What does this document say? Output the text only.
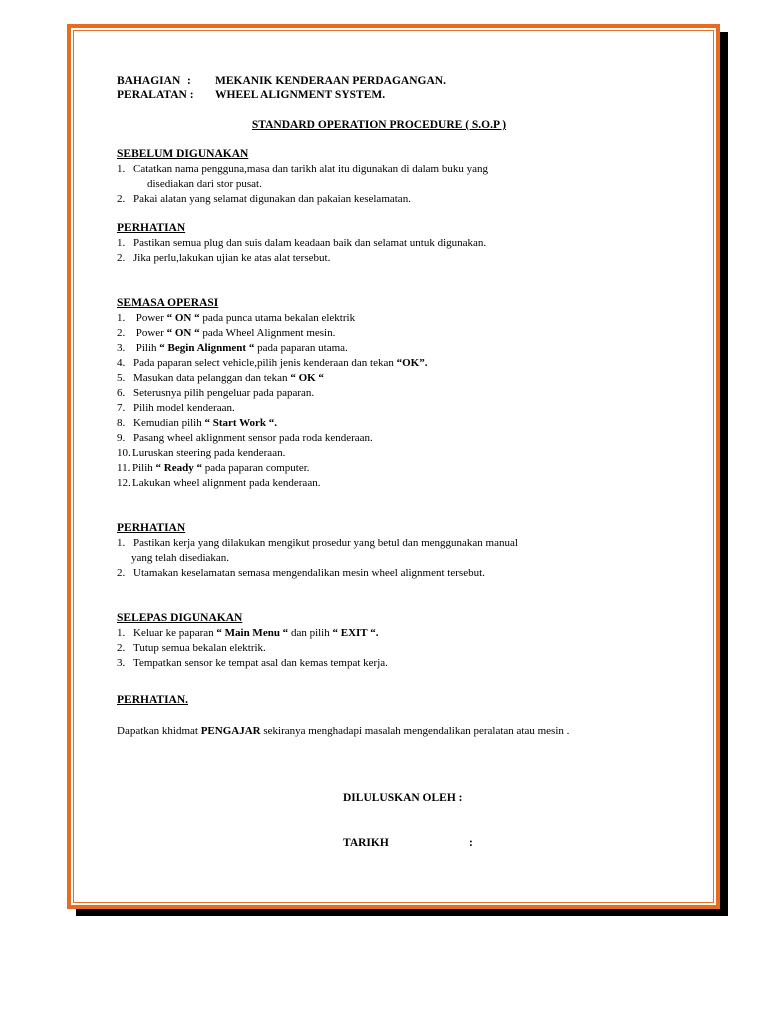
BAHAGIAN :	MEKANIK KENDERAAN PERDAGANGAN.
PERALATAN :	WHEEL ALIGNMENT SYSTEM.
STANDARD OPERATION PROCEDURE ( S.O.P )
SEBELUM DIGUNAKAN
1. Catatkan nama pengguna,masa dan tarikh alat itu digunakan di dalam buku yang
disediakan dari stor pusat.
2. Pakai alatan yang selamat digunakan dan pakaian keselamatan.
PERHATIAN
1. Pastikan semua plug dan suis dalam keadaan baik dan selamat untuk digunakan.
2. Jika perlu,lakukan ujian ke atas alat tersebut.
SEMASA OPERASI
1. Power “ ON “ pada punca utama bekalan elektrik
2. Power “ ON “ pada Wheel Alignment mesin.
3. Pilih “ Begin Alignment “ pada paparan utama.
4. Pada paparan select vehicle,pilih jenis kenderaan dan tekan “OK”.
5. Masukan data pelanggan dan tekan “ OK “
6. Seterusnya pilih pengeluar pada paparan.
7. Pilih model kenderaan.
8. Kemudian pilih “ Start Work “.
9. Pasang wheel aklignment sensor pada roda kenderaan.
10. Luruskan steering pada kenderaan.
11. Pilih “ Ready “ pada paparan computer.
12. Lakukan wheel alignment pada kenderaan.
PERHATIAN
1. Pastikan kerja yang dilakukan mengikut prosedur yang betul dan menggunakan manual
yang telah disediakan.
2. Utamakan keselamatan semasa mengendalikan mesin wheel alignment tersebut.
SELEPAS DIGUNAKAN
1. Keluar ke paparan “ Main Menu “ dan pilih “ EXIT “.
2. Tutup semua bekalan elektrik.
3. Tempatkan sensor ke tempat asal dan kemas tempat kerja.
PERHATIAN.
Dapatkan khidmat PENGAJAR sekiranya menghadapi masalah mengendalikan peralatan atau mesin .
DILULUSKAN OLEH :
TARIKH	:
